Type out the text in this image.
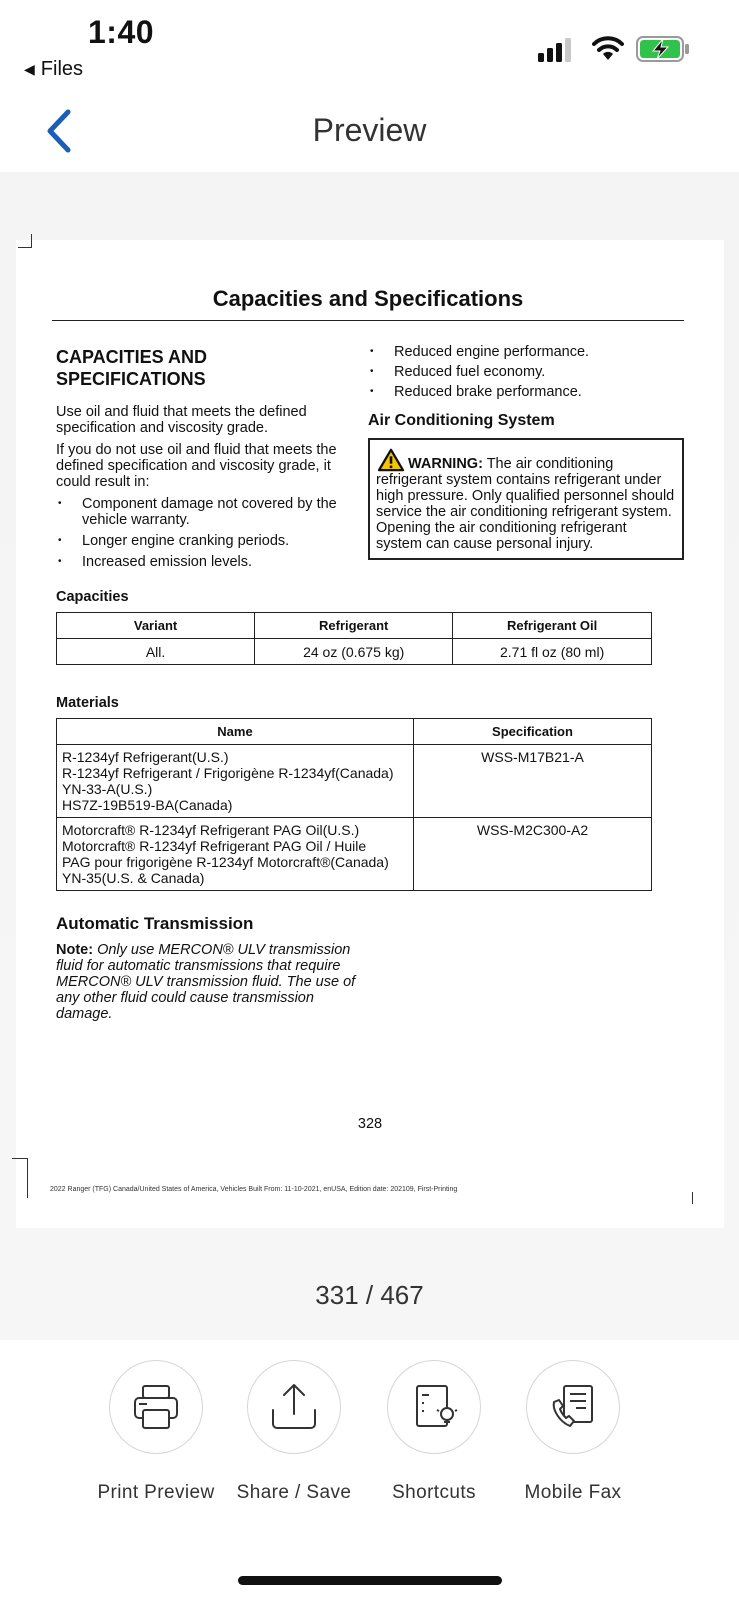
1:40
◀ Files
Preview
Capacities and Specifications
CAPACITIES AND SPECIFICATIONS
Use oil and fluid that meets the defined specification and viscosity grade.
If you do not use oil and fluid that meets the defined specification and viscosity grade, it could result in:
• Component damage not covered by the vehicle warranty.
• Longer engine cranking periods.
• Increased emission levels.
• Reduced engine performance.
• Reduced fuel economy.
• Reduced brake performance.
Air Conditioning System
WARNING: The air conditioning refrigerant system contains refrigerant under high pressure. Only qualified personnel should service the air conditioning refrigerant system. Opening the air conditioning refrigerant system can cause personal injury.
Capacities
Variant	Refrigerant	Refrigerant Oil
All.	24 oz (0.675 kg)	2.71 fl oz (80 ml)
Materials
Name	Specification

R-1234yf Refrigerant(U.S.)
R-1234yf Refrigerant / Frigorigène R-1234yf(Canada)
YN-33-A(U.S.)
HS7Z-19B519-BA(Canada)	WSS-M17B21-A

Motorcraft® R-1234yf Refrigerant PAG Oil(U.S.)
Motorcraft® R-1234yf Refrigerant PAG Oil / Huile
PAG pour frigorigène R-1234yf Motorcraft®(Canada)
YN-35(U.S. & Canada)	WSS-M2C300-A2
Automatic Transmission
Note: Only use MERCON® ULV transmission fluid for automatic transmissions that require MERCON® ULV transmission fluid. The use of any other fluid could cause transmission damage.
328
2022 Ranger (TFG) Canada/United States of America, Vehicles Built From: 11-10-2021, enUSA, Edition date: 202109, First-Printing
331 / 467
Print Preview	Share / Save	Shortcuts	Mobile Fax
